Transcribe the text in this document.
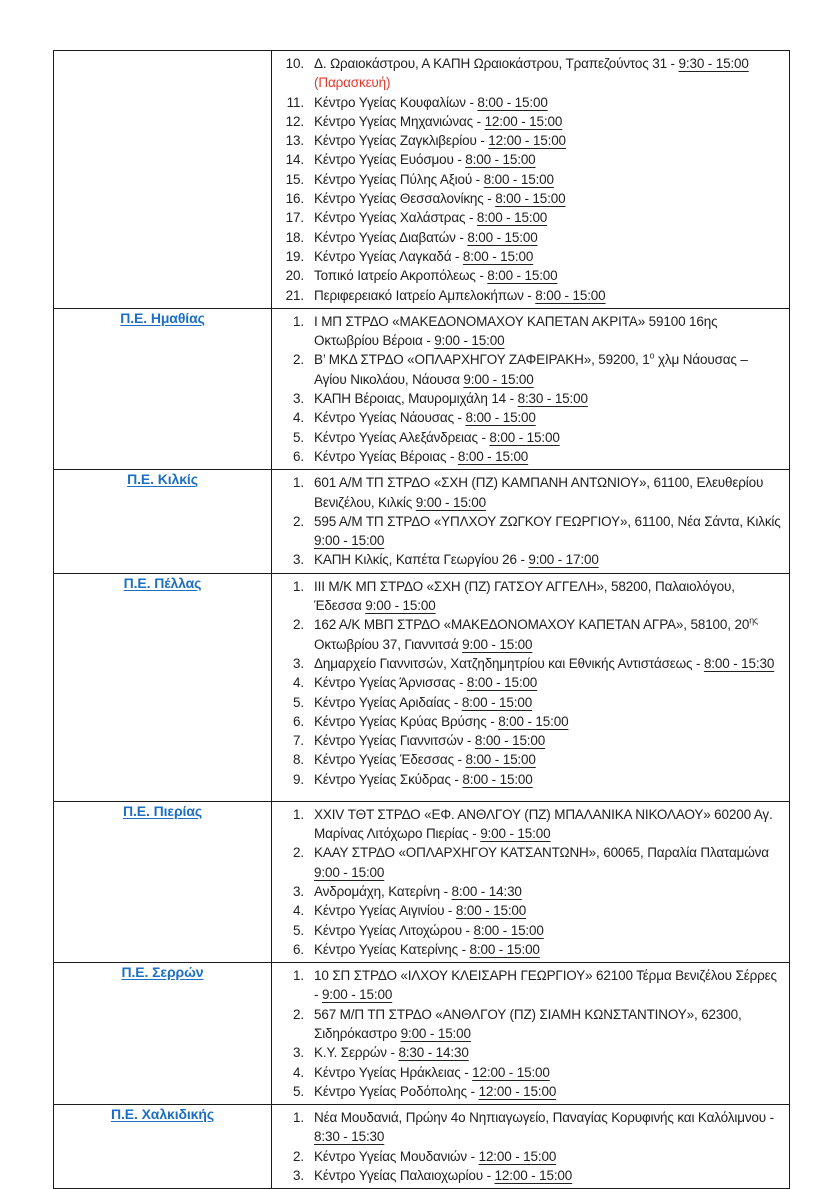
10. Δ. Ωραιοκάστρου, Α ΚΑΠΗ Ωραιοκάστρου, Τραπεζούντος 31 - 9:30 - 15:00 (Παρασκευή)
11. Κέντρο Υγείας Κουφαλίων - 8:00 - 15:00
12. Κέντρο Υγείας Μηχανιώνας - 12:00 - 15:00
13. Κέντρο Υγείας Ζαγκλιβερίου - 12:00 - 15:00
14. Κέντρο Υγείας Ευόσμου - 8:00 - 15:00
15. Κέντρο Υγείας Πύλης Αξιού - 8:00 - 15:00
16. Κέντρο Υγείας Θεσσαλονίκης - 8:00 - 15:00
17. Κέντρο Υγείας Χαλάστρας - 8:00 - 15:00
18. Κέντρο Υγείας Διαβατών - 8:00 - 15:00
19. Κέντρο Υγείας Λαγκαδά - 8:00 - 15:00
20. Τοπικό Ιατρείο Ακροπόλεως - 8:00 - 15:00
21. Περιφερειακό Ιατρείο Αμπελοκήπων - 8:00 - 15:00

Π.Ε. Ημαθίας	1. Ι ΜΠ ΣΤΡΔΟ «ΜΑΚΕΔΟΝΟΜΑΧΟΥ ΚΑΠΕΤΑΝ ΑΚΡΙΤΑ» 59100 16ης Οκτωβρίου Βέροια - 9:00 - 15:00
2. Β’ ΜΚΔ ΣΤΡΔΟ «ΟΠΛΑΡΧΗΓΟΥ ΖΑΦΕΙΡΑΚΗ», 59200, $1^o$ χλμ Νάουσας – Αγίου Νικολάου, Νάουσα 9:00 - 15:00
3. ΚΑΠΗ Βέροιας, Μαυρομιχάλη 14 - 8:30 - 15:00
4. Κέντρο Υγείας Νάουσας - 8:00 - 15:00
5. Κέντρο Υγείας Αλεξάνδρειας - 8:00 - 15:00
6. Κέντρο Υγείας Βέροιας - 8:00 - 15:00

Π.Ε. Κιλκίς	1. 601 Α/Μ ΤΠ ΣΤΡΔΟ «ΣΧΗ (ΠΖ) ΚΑΜΠΑΝΗ ΑΝΤΩΝΙΟΥ», 61100, Ελευθερίου Βενιζέλου, Κιλκίς 9:00 - 15:00
2. 595 Α/Μ ΤΠ ΣΤΡΔΟ «ΥΠΛΧΟΥ ΖΩΓΚΟΥ ΓΕΩΡΓΙΟΥ», 61100, Νέα Σάντα, Κιλκίς 9:00 - 15:00
3. ΚΑΠΗ Κιλκίς, Καπέτα Γεωργίου 26 - 9:00 - 17:00

Π.Ε. Πέλλας	1. ΙΙΙ Μ/Κ ΜΠ ΣΤΡΔΟ «ΣΧΗ (ΠΖ) ΓΑΤΣΟΥ ΑΓΓΕΛΗ», 58200, Παλαιολόγου, Έδεσσα 9:00 - 15:00
2. 162 Α/Κ ΜΒΠ ΣΤΡΔΟ «ΜΑΚΕΔΟΝΟΜΑΧΟΥ ΚΑΠΕΤΑΝ ΑΓΡΑ», 58100, $20^{\eta\varsigma}$ Οκτωβρίου 37, Γιαννιτσά 9:00 - 15:00
3. Δημαρχείο Γιαννιτσών, Χατζηδημητρίου και Εθνικής Αντιστάσεως - 8:00 - 15:30
4. Κέντρο Υγείας Άρνισσας - 8:00 - 15:00
5. Κέντρο Υγείας Αριδαίας - 8:00 - 15:00
6. Κέντρο Υγείας Κρύας Βρύσης - 8:00 - 15:00
7. Κέντρο Υγείας Γιαννιτσών - 8:00 - 15:00
8. Κέντρο Υγείας Έδεσσας - 8:00 - 15:00
9. Κέντρο Υγείας Σκύδρας - 8:00 - 15:00

Π.Ε. Πιερίας	1. XXIV ΤΘΤ ΣΤΡΔΟ «ΕΦ. ΑΝΘΛΓΟΥ (ΠΖ) ΜΠΑΛΑΝΙΚΑ ΝΙΚΟΛΑΟΥ» 60200 Αγ. Μαρίνας Λιτόχωρο Πιερίας - 9:00 - 15:00
2. ΚΑΑΥ ΣΤΡΔΟ «ΟΠΛΑΡΧΗΓΟΥ ΚΑΤΣΑΝΤΩΝΗ», 60065, Παραλία Πλαταμώνα 9:00 - 15:00
3. Ανδρομάχη, Κατερίνη - 8:00 - 14:30
4. Κέντρο Υγείας Αιγινίου - 8:00 - 15:00
5. Κέντρο Υγείας Λιτοχώρου - 8:00 - 15:00
6. Κέντρο Υγείας Κατερίνης - 8:00 - 15:00

Π.Ε. Σερρών	1. 10 ΣΠ ΣΤΡΔΟ «ΙΛΧΟΥ ΚΛΕΙΣΑΡΗ ΓΕΩΡΓΙΟΥ» 62100 Τέρμα Βενιζέλου Σέρρες - 9:00 - 15:00
2. 567 Μ/Π ΤΠ ΣΤΡΔΟ «ΑΝΘΛΓΟΥ (ΠΖ) ΣΙΑΜΗ ΚΩΝΣΤΑΝΤΙΝΟΥ», 62300, Σιδηρόκαστρο 9:00 - 15:00
3. Κ.Υ. Σερρών - 8:30 - 14:30
4. Κέντρο Υγείας Ηράκλειας - 12:00 - 15:00
5. Κέντρο Υγείας Ροδόπολης - 12:00 - 15:00

Π.Ε. Χαλκιδικής	1. Νέα Μουδανιά, Πρώην 4ο Νηπιαγωγείο, Παναγίας Κορυφινής και Καλόλιμνου - 8:30 - 15:30
2. Κέντρο Υγείας Μουδανιών - 12:00 - 15:00
3. Κέντρο Υγείας Παλαιοχωρίου - 12:00 - 15:00
